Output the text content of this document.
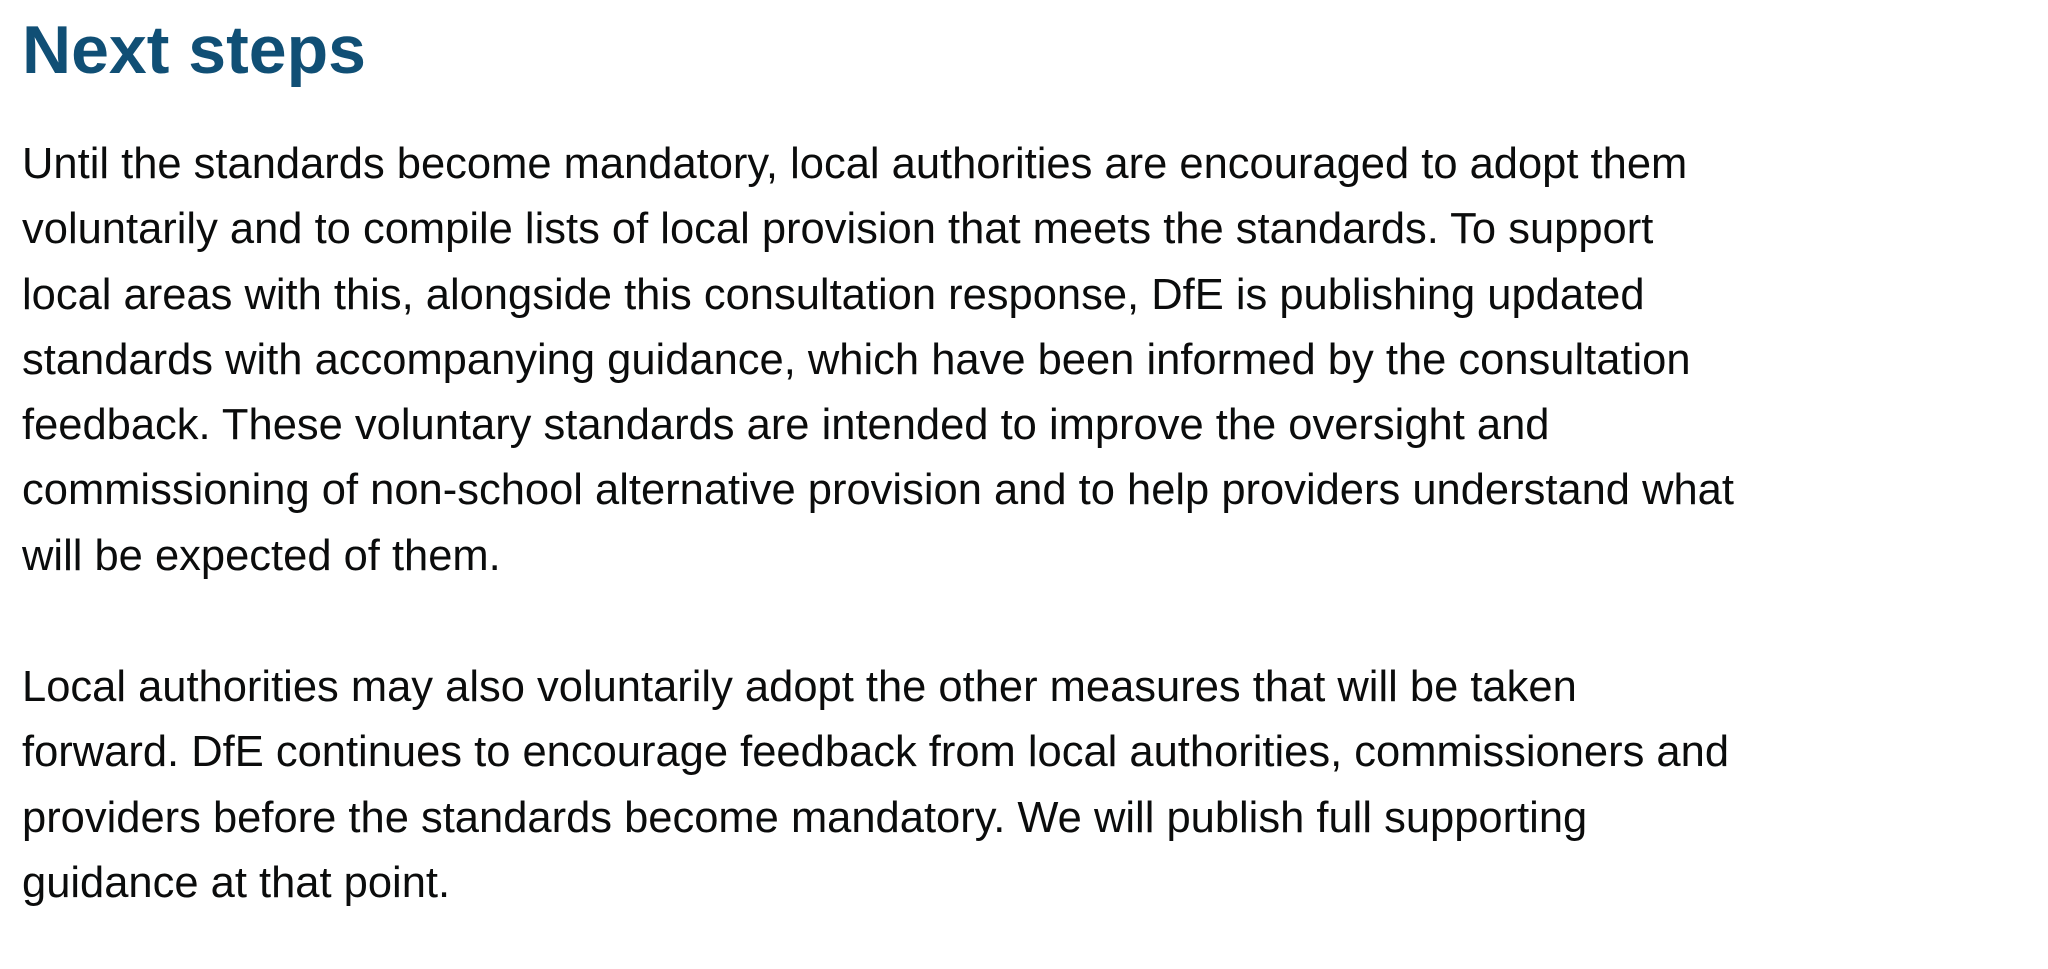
Next steps

Until the standards become mandatory, local authorities are encouraged to adopt them
voluntarily and to compile lists of local provision that meets the standards. To support
local areas with this, alongside this consultation response, DfE is publishing updated
standards with accompanying guidance, which have been informed by the consultation
feedback. These voluntary standards are intended to improve the oversight and
commissioning of non-school alternative provision and to help providers understand what
will be expected of them.

Local authorities may also voluntarily adopt the other measures that will be taken
forward. DfE continues to encourage feedback from local authorities, commissioners and
providers before the standards become mandatory. We will publish full supporting
guidance at that point.
